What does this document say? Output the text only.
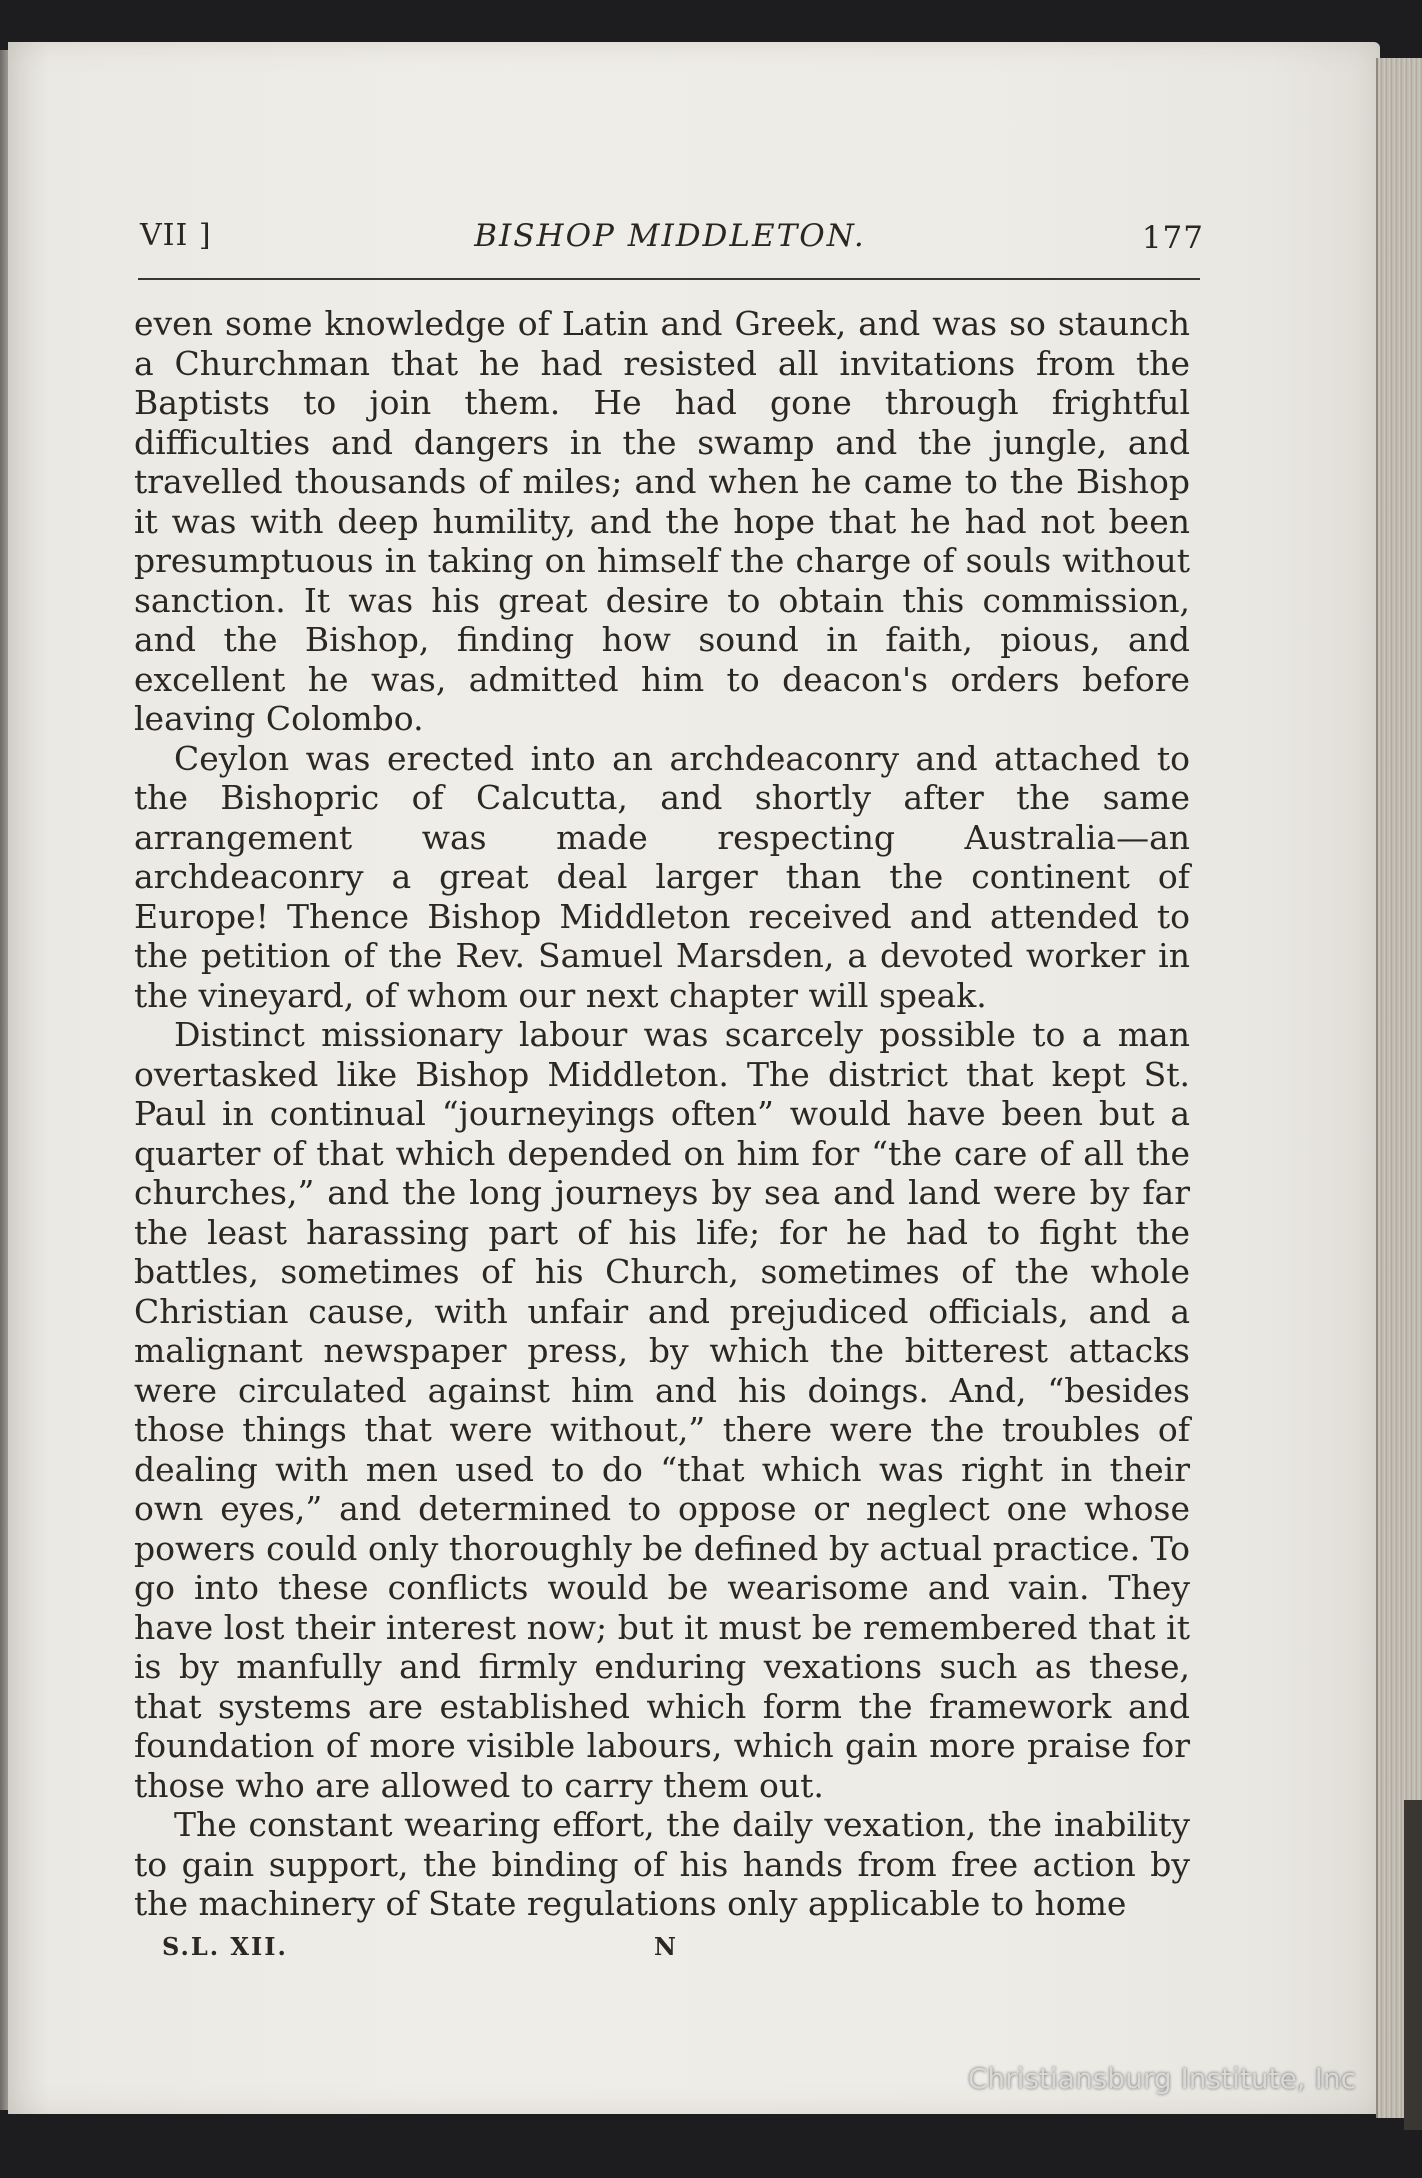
VII ]	BISHOP MIDDLETON.	177

even some knowledge of Latin and Greek, and was so staunch a Churchman that he had resisted all invitations from the Baptists to join them. He had gone through frightful difficulties and dangers in the swamp and the jungle, and travelled thousands of miles; and when he came to the Bishop it was with deep humility, and the hope that he had not been presumptuous in taking on himself the charge of souls without sanction. It was his great desire to obtain this commission, and the Bishop, finding how sound in faith, pious, and excellent he was, admitted him to deacon's orders before leaving Colombo.

Ceylon was erected into an archdeaconry and attached to the Bishopric of Calcutta, and shortly after the same arrangement was made respecting Australia—an archdeaconry a great deal larger than the continent of Europe! Thence Bishop Middleton received and attended to the petition of the Rev. Samuel Marsden, a devoted worker in the vineyard, of whom our next chapter will speak.

Distinct missionary labour was scarcely possible to a man overtasked like Bishop Middleton. The district that kept St. Paul in continual “journeyings often” would have been but a quarter of that which depended on him for “the care of all the churches,” and the long journeys by sea and land were by far the least harassing part of his life; for he had to fight the battles, sometimes of his Church, sometimes of the whole Christian cause, with unfair and prejudiced officials, and a malignant newspaper press, by which the bitterest attacks were circulated against him and his doings. And, “besides those things that were without,” there were the troubles of dealing with men used to do “that which was right in their own eyes,” and determined to oppose or neglect one whose powers could only thoroughly be defined by actual practice. To go into these conflicts would be wearisome and vain. They have lost their interest now; but it must be remembered that it is by manfully and firmly enduring vexations such as these, that systems are established which form the framework and foundation of more visible labours, which gain more praise for those who are allowed to carry them out.

The constant wearing effort, the daily vexation, the inability to gain support, the binding of his hands from free action by the machinery of State regulations only applicable to home

S.L. XII.	N
Christiansburg Institute, Inc
